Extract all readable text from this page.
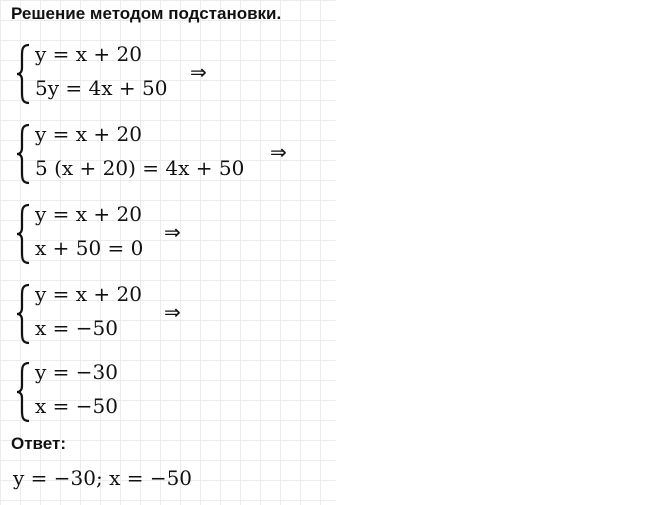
Решение методом подстановки.
y = x + 20
5y = 4x + 50
⇒
y = x + 20
5 (x + 20) = 4x + 50
⇒
y = x + 20
x + 50 = 0
⇒
y = x + 20
x = −50
⇒
y = −30
x = −50
Ответ:
y = −30; x = −50
